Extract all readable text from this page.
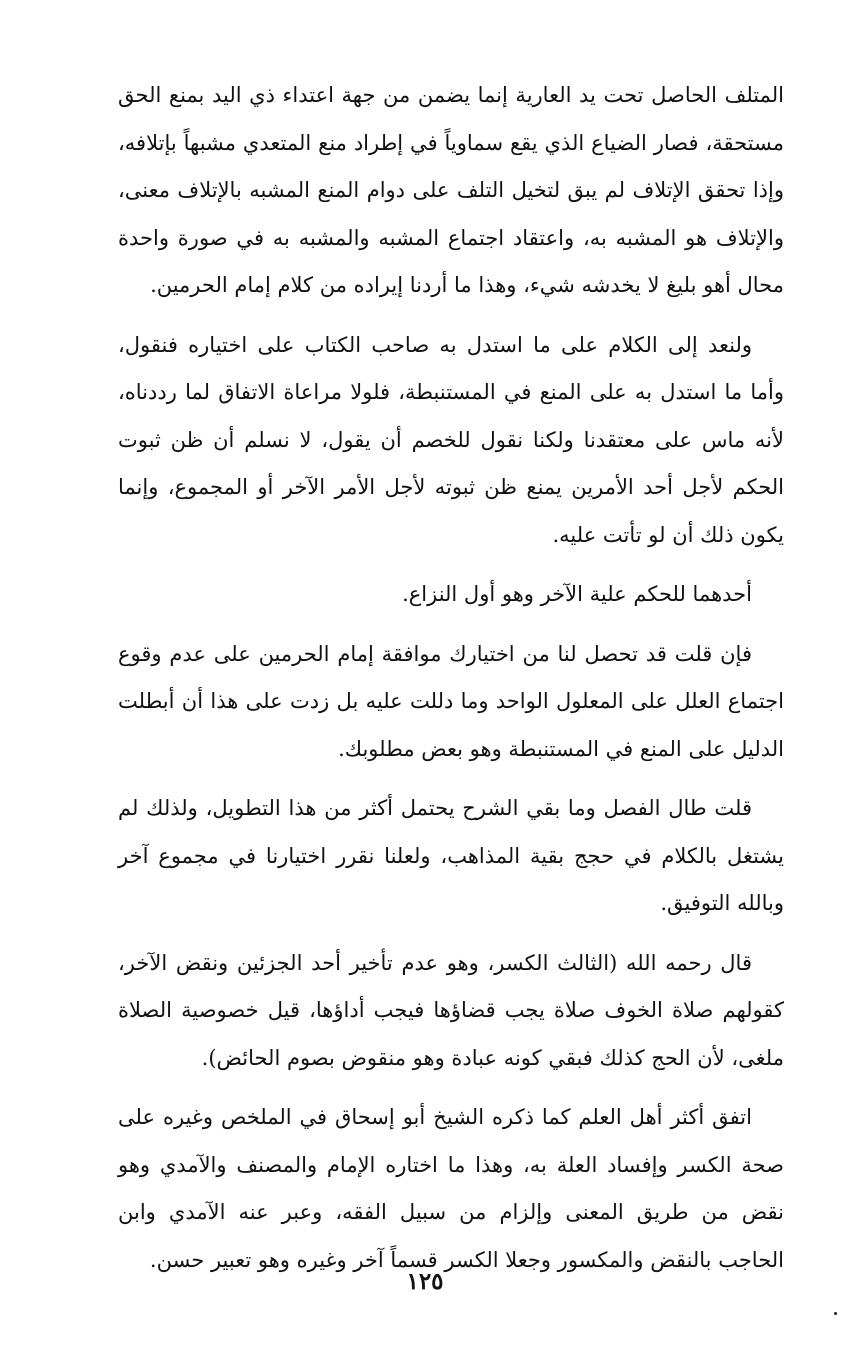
المتلف الحاصل تحت يد العارية إنما يضمن من جهة اعتداء ذي اليد بمنع الحق مستحقة، فصار الضياع الذي يقع سماوياً في إطراد منع المتعدي مشبهاً بإتلافه، وإذا تحقق الإتلاف لم يبق لتخيل التلف على دوام المنع المشبه بالإتلاف معنى، والإتلاف هو المشبه به، واعتقاد اجتماع المشبه والمشبه به في صورة واحدة محال أهو بليغ لا يخدشه شيء، وهذا ما أردنا إيراده من كلام إمام الحرمين.

ولنعد إلى الكلام على ما استدل به صاحب الكتاب على اختياره فنقول، وأما ما استدل به على المنع في المستنبطة، فلولا مراعاة الاتفاق لما رددناه، لأنه ماس على معتقدنا ولكنا نقول للخصم أن يقول، لا نسلم أن ظن ثبوت الحكم لأجل أحد الأمرين يمنع ظن ثبوته لأجل الأمر الآخر أو المجموع، وإنما يكون ذلك أن لو تأتت عليه.

أحدهما للحكم علية الآخر وهو أول النزاع.

فإن قلت قد تحصل لنا من اختيارك موافقة إمام الحرمين على عدم وقوع اجتماع العلل على المعلول الواحد وما دللت عليه بل زدت على هذا أن أبطلت الدليل على المنع في المستنبطة وهو بعض مطلوبك.

قلت طال الفصل وما بقي الشرح يحتمل أكثر من هذا التطويل، ولذلك لم يشتغل بالكلام في حجج بقية المذاهب، ولعلنا نقرر اختيارنا في مجموع آخر وبالله التوفيق.

قال رحمه الله (الثالث الكسر، وهو عدم تأخير أحد الجزئين ونقض الآخر، كقولهم صلاة الخوف صلاة يجب قضاؤها فيجب أداؤها، قيل خصوصية الصلاة ملغى، لأن الحج كذلك فبقي كونه عبادة وهو منقوض بصوم الحائض).

اتفق أكثر أهل العلم كما ذكره الشيخ أبو إسحاق في الملخص وغيره على صحة الكسر وإفساد العلة به، وهذا ما اختاره الإمام والمصنف والآمدي وهو نقض من طريق المعنى وإلزام من سبيل الفقه، وعبر عنه الآمدي وابن الحاجب بالنقض والمكسور وجعلا الكسر قسماً آخر وغيره وهو تعبير حسن.

١٢٥
